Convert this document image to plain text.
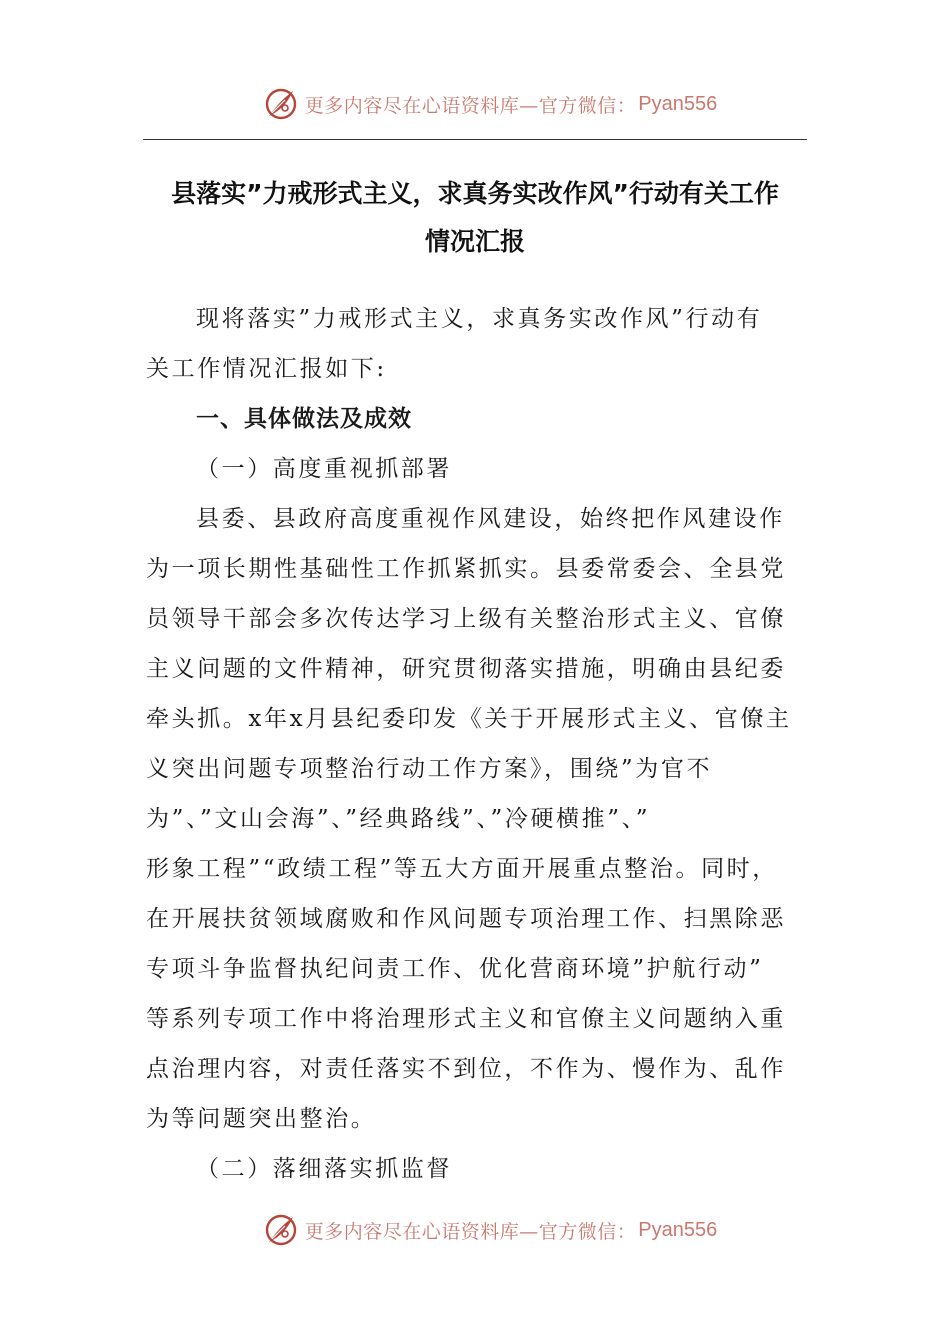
更多内容尽在心语资料库—官方微信： Pyan556
县落实”力戒形式主义，求真务实改作风”行动有关工作
情况汇报
现将落实”力戒形式主义，求真务实改作风”行动有
关工作情况汇报如下:
一、具体做法及成效
（一）高度重视抓部署
县委、县政府高度重视作风建设，始终把作风建设作
为一项长期性基础性工作抓紧抓实。县委常委会、全县党
员领导干部会多次传达学习上级有关整治形式主义、官僚
主义问题的文件精神，研究贯彻落实措施，明确由县纪委
牵头抓。x年x月县纪委印发《关于开展形式主义、官僚主
义突出问题专项整治行动工作方案》，围绕”为官不
为”、”文山会海”、”经典路线”、”冷硬横推”、”
形象工程”“政绩工程”等五大方面开展重点整治。同时，
在开展扶贫领域腐败和作风问题专项治理工作、扫黑除恶
专项斗争监督执纪问责工作、优化营商环境”护航行动”
等系列专项工作中将治理形式主义和官僚主义问题纳入重
点治理内容，对责任落实不到位，不作为、慢作为、乱作
为等问题突出整治。
（二）落细落实抓监督
更多内容尽在心语资料库—官方微信： Pyan556
